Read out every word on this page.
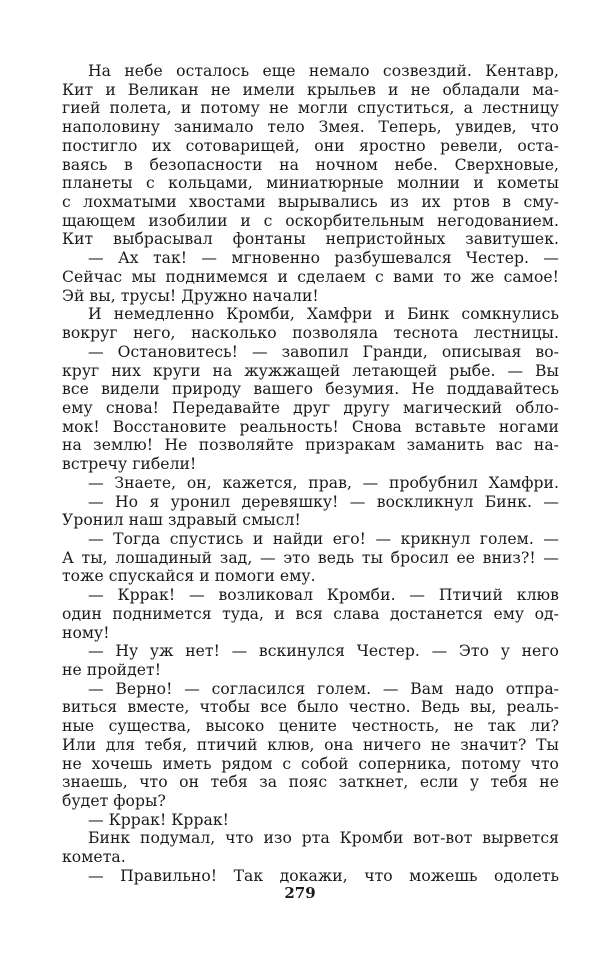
На небе осталось еще немало созвездий. Кентавр,
Кит и Великан не имели крыльев и не обладали ма-
гией полета, и потому не могли спуститься, а лестницу
наполовину занимало тело Змея. Теперь, увидев, что
постигло их сотоварищей, они яростно ревели, оста-
ваясь в безопасности на ночном небе. Сверхновые,
планеты с кольцами, миниатюрные молнии и кометы
с лохматыми хвостами вырывались из их ртов в сму-
щающем изобилии и с оскорбительным негодованием.
Кит выбрасывал фонтаны непристойных завитушек.
— Ах так! — мгновенно разбушевался Честер. —
Сейчас мы поднимемся и сделаем с вами то же самое!
Эй вы, трусы! Дружно начали!
И немедленно Кромби, Хамфри и Бинк сомкнулись
вокруг него, насколько позволяла теснота лестницы.
— Остановитесь! — завопил Гранди, описывая во-
круг них круги на жужжащей летающей рыбе. — Вы
все видели природу вашего безумия. Не поддавайтесь
ему снова! Передавайте друг другу магический обло-
мок! Восстановите реальность! Снова вставьте ногами
на землю! Не позволяйте призракам заманить вас на-
встречу гибели!
— Знаете, он, кажется, прав, — пробубнил Хамфри.
— Но я уронил деревяшку! — воскликнул Бинк. —
Уронил наш здравый смысл!
— Тогда спустись и найди его! — крикнул голем. —
А ты, лошадиный зад, — это ведь ты бросил ее вниз?! —
тоже спускайся и помоги ему.
— Кррак! — возликовал Кромби. — Птичий клюв
один поднимется туда, и вся слава достанется ему од-
ному!
— Ну уж нет! — вскинулся Честер. — Это у него
не пройдет!
— Верно! — согласился голем. — Вам надо отпра-
виться вместе, чтобы все было честно. Ведь вы, реаль-
ные существа, высоко цените честность, не так ли?
Или для тебя, птичий клюв, она ничего не значит? Ты
не хочешь иметь рядом с собой соперника, потому что
знаешь, что он тебя за пояс заткнет, если у тебя не
будет форы?
— Кррак! Кррак!
Бинк подумал, что изо рта Кромби вот-вот вырвется
комета.
— Правильно! Так докажи, что можешь одолеть
279
